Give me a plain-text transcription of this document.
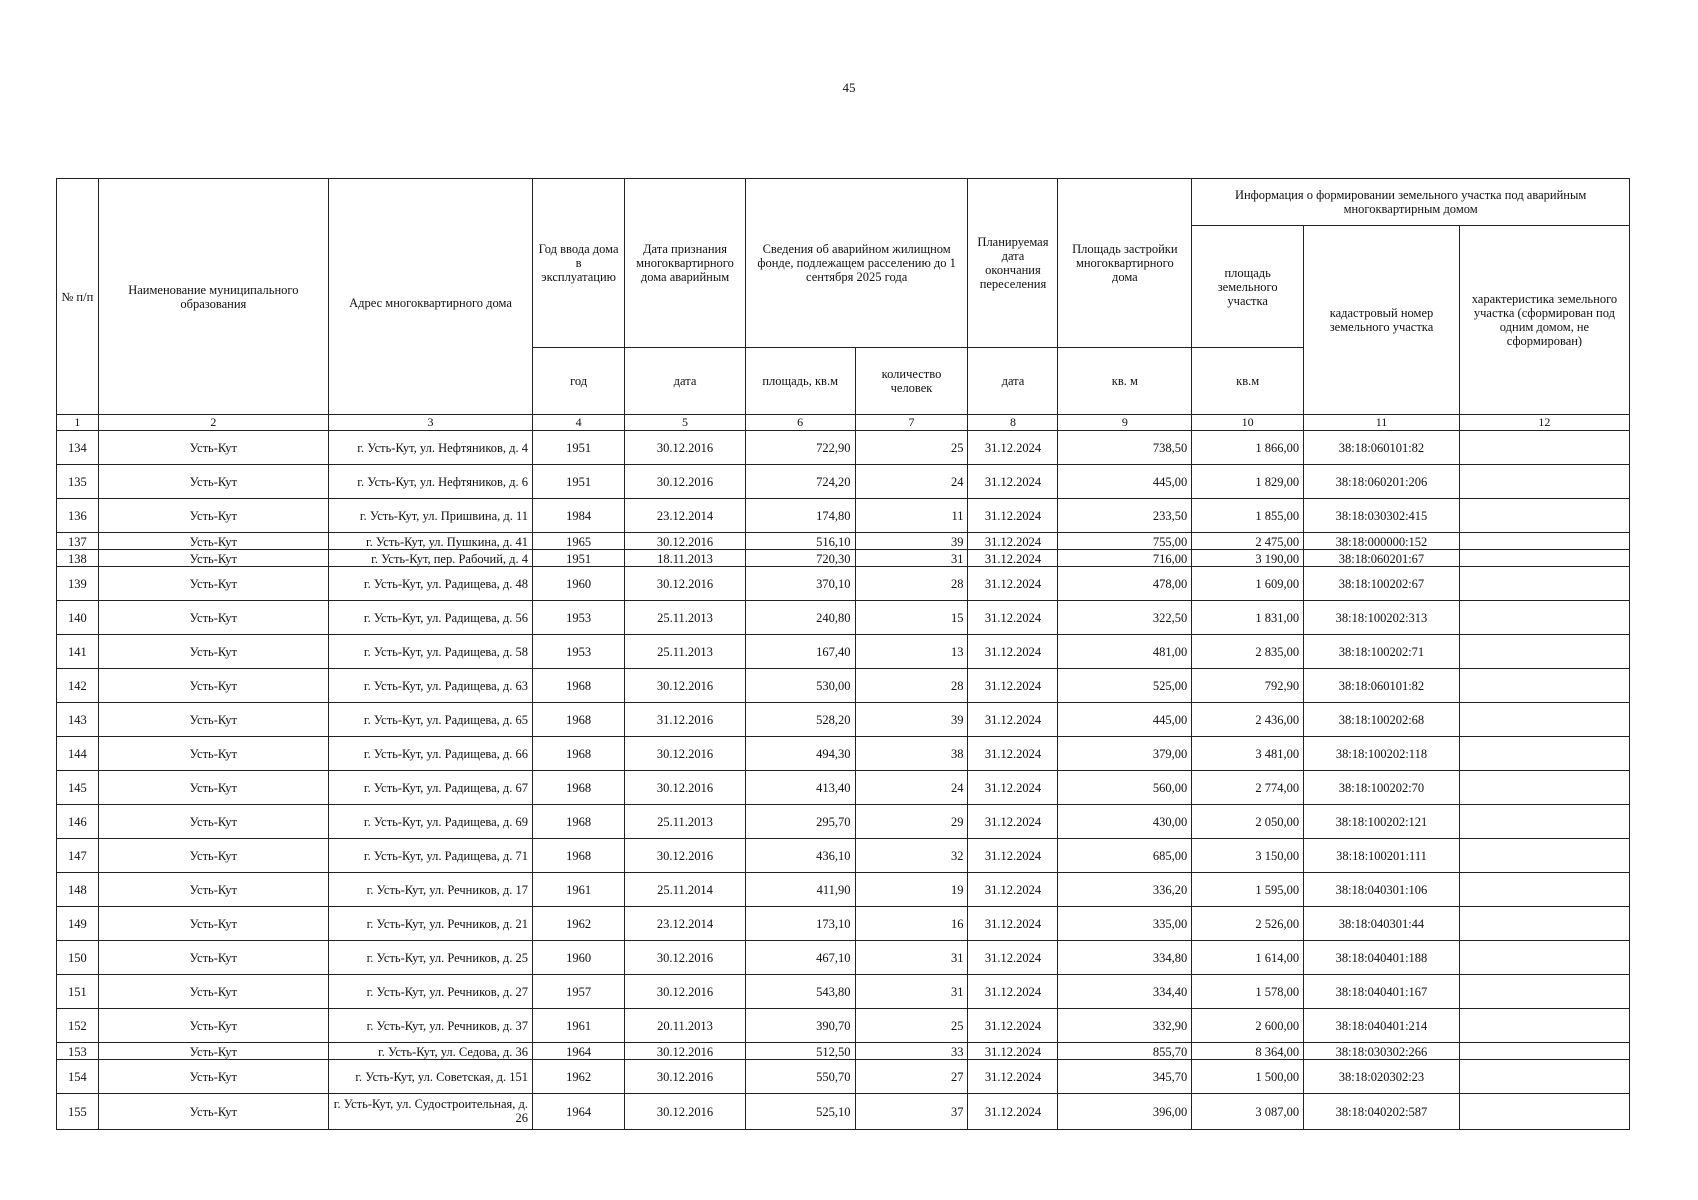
45
№ п/п	Наименование муниципального образования	Адрес многоквартирного дома	Год ввода дома в эксплуатацию	Дата признания многоквартирного дома аварийным	Сведения об аварийном жилищном фонде, подлежащем расселению до 1 сентября 2025 года		Планируемая дата окончания переселения	Площадь застройки многоквартирного дома	Информация о формировании земельного участка под аварийным многоквартирным домом		
									площадь земельного участка	кадастровый номер земельного участка	характеристика земельного участка (сформирован под одним домом, не сформирован)
			год	дата	площадь, кв.м	количество человек	дата	кв. м	кв.м		
1	2	3	4	5	6	7	8	9	10	11	12
134	Усть-Кут	г. Усть-Кут, ул. Нефтяников, д. 4	1951	30.12.2016	722,90	25	31.12.2024	738,50	1 866,00	38:18:060101:82	
135	Усть-Кут	г. Усть-Кут, ул. Нефтяников, д. 6	1951	30.12.2016	724,20	24	31.12.2024	445,00	1 829,00	38:18:060201:206	
136	Усть-Кут	г. Усть-Кут, ул. Пришвина, д. 11	1984	23.12.2014	174,80	11	31.12.2024	233,50	1 855,00	38:18:030302:415	
137	Усть-Кут	г. Усть-Кут, ул. Пушкина, д. 41	1965	30.12.2016	516,10	39	31.12.2024	755,00	2 475,00	38:18:000000:152	
138	Усть-Кут	г. Усть-Кут, пер. Рабочий, д. 4	1951	18.11.2013	720,30	31	31.12.2024	716,00	3 190,00	38:18:060201:67	
139	Усть-Кут	г. Усть-Кут, ул. Радищева, д. 48	1960	30.12.2016	370,10	28	31.12.2024	478,00	1 609,00	38:18:100202:67	
140	Усть-Кут	г. Усть-Кут, ул. Радищева, д. 56	1953	25.11.2013	240,80	15	31.12.2024	322,50	1 831,00	38:18:100202:313	
141	Усть-Кут	г. Усть-Кут, ул. Радищева, д. 58	1953	25.11.2013	167,40	13	31.12.2024	481,00	2 835,00	38:18:100202:71	
142	Усть-Кут	г. Усть-Кут, ул. Радищева, д. 63	1968	30.12.2016	530,00	28	31.12.2024	525,00	792,90	38:18:060101:82	
143	Усть-Кут	г. Усть-Кут, ул. Радищева, д. 65	1968	31.12.2016	528,20	39	31.12.2024	445,00	2 436,00	38:18:100202:68	
144	Усть-Кут	г. Усть-Кут, ул. Радищева, д. 66	1968	30.12.2016	494,30	38	31.12.2024	379,00	3 481,00	38:18:100202:118	
145	Усть-Кут	г. Усть-Кут, ул. Радищева, д. 67	1968	30.12.2016	413,40	24	31.12.2024	560,00	2 774,00	38:18:100202:70	
146	Усть-Кут	г. Усть-Кут, ул. Радищева, д. 69	1968	25.11.2013	295,70	29	31.12.2024	430,00	2 050,00	38:18:100202:121	
147	Усть-Кут	г. Усть-Кут, ул. Радищева, д. 71	1968	30.12.2016	436,10	32	31.12.2024	685,00	3 150,00	38:18:100201:111	
148	Усть-Кут	г. Усть-Кут, ул. Речников, д. 17	1961	25.11.2014	411,90	19	31.12.2024	336,20	1 595,00	38:18:040301:106	
149	Усть-Кут	г. Усть-Кут, ул. Речников, д. 21	1962	23.12.2014	173,10	16	31.12.2024	335,00	2 526,00	38:18:040301:44	
150	Усть-Кут	г. Усть-Кут, ул. Речников, д. 25	1960	30.12.2016	467,10	31	31.12.2024	334,80	1 614,00	38:18:040401:188	
151	Усть-Кут	г. Усть-Кут, ул. Речников, д. 27	1957	30.12.2016	543,80	31	31.12.2024	334,40	1 578,00	38:18:040401:167	
152	Усть-Кут	г. Усть-Кут, ул. Речников, д. 37	1961	20.11.2013	390,70	25	31.12.2024	332,90	2 600,00	38:18:040401:214	
153	Усть-Кут	г. Усть-Кут, ул. Седова, д. 36	1964	30.12.2016	512,50	33	31.12.2024	855,70	8 364,00	38:18:030302:266	
154	Усть-Кут	г. Усть-Кут, ул. Советская, д. 151	1962	30.12.2016	550,70	27	31.12.2024	345,70	1 500,00	38:18:020302:23	
155	Усть-Кут	г. Усть-Кут, ул. Судостроительная, д. 26	1964	30.12.2016	525,10	37	31.12.2024	396,00	3 087,00	38:18:040202:587	
